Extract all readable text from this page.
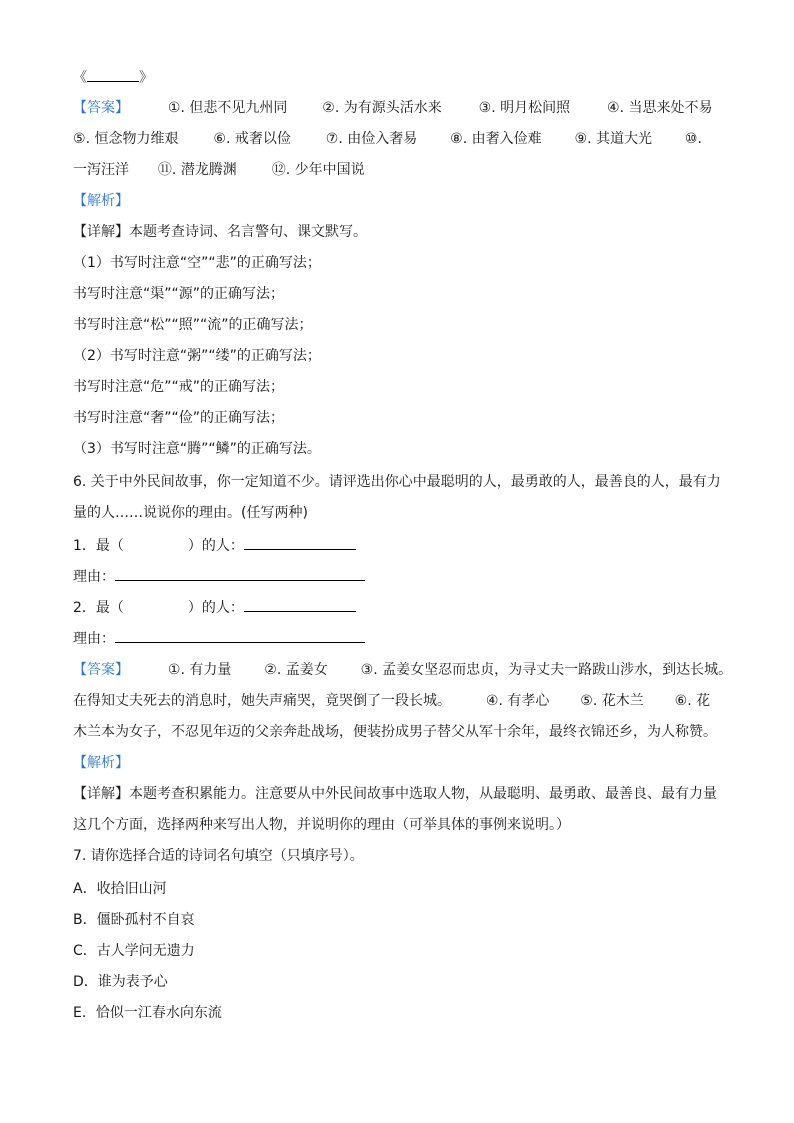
《	》
【答案】	①. 但悲不见九州同 ②. 为有源头活水来	③. 明月松间照	④. 当思来处不易
⑤. 恒念物力维艰 ⑥. 戒奢以俭 ⑦. 由俭入奢易 ⑧. 由奢入俭难 ⑨. 其道大光 ⑩.
一泻汪洋 ⑪. 潜龙腾渊 ⑫. 少年中国说
【解析】
【详解】本题考查诗词、名言警句、课文默写。
（1）书写时注意“空”“悲”的正确写法；
书写时注意“渠”“源”的正确写法；
书写时注意“松”“照”“流”的正确写法；
（2）书写时注意“粥”“缕”的正确写法；
书写时注意“危”“戒”的正确写法；
书写时注意“奢”“俭”的正确写法；
（3）书写时注意“腾”“鳞”的正确写法。
6. 关于中外民间故事，你一定知道不少。请评选出你心中最聪明的人，最勇敢的人，最善良的人，最有力
量的人……说说你的理由。(任写两种)
1．最（	）的人：
理由：
2．最（	）的人：
理由：
【答案】	①. 有力量 ②. 孟姜女 ③. 孟姜女坚忍而忠贞，为寻丈夫一路跋山涉水，到达长城。
在得知丈夫死去的消息时，她失声痛哭，竟哭倒了一段长城。 ④. 有孝心 ⑤. 花木兰 ⑥. 花
木兰本为女子，不忍见年迈的父亲奔赴战场，便装扮成男子替父从军十余年，最终衣锦还乡，为人称赞。
【解析】
【详解】本题考查积累能力。注意要从中外民间故事中选取人物，从最聪明、最勇敢、最善良、最有力量
这几个方面，选择两种来写出人物，并说明你的理由（可举具体的事例来说明。）
7. 请你选择合适的诗词名句填空（只填序号）。
A．收拾旧山河
B．僵卧孤村不自哀
C．古人学问无遗力
D．谁为表予心
E．恰似一江春水向东流
